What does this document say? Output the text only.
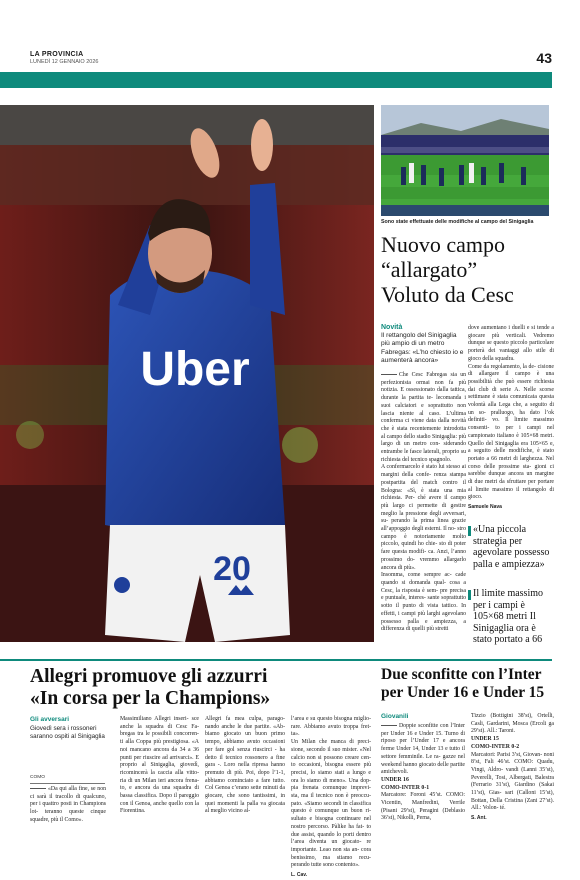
LA PROVINCIA
LUNEDÌ 12 GENNAIO 2026	43
Uber
20
Sono state effettuate delle modifiche al campo del Sinigaglia
Nuovo campo
“allargato”
Voluto da Cesc
Novità
Il rettangolo del Sinigaglia più ampio di un metro Fabregas: «L’ho chiesto io e aumenterà ancora»

Che Cesc Fabregas sia un perfezionista ormai non fa più notizia. E ossessionato dalla tattica, durante la partita te- lecomanda i suoi calciatori e soprattutto non lascia niente al caso. L’ultima conferma ci viene data dalla novità che è stata recentemente introdotta al campo dello stadio Sinigaglia: più largo di un metro con- siderando entrambe le fasce laterali, proprio su richiesta del tecnico spagnolo.

A confermarcelo è stato lui stesso ai margini della confe- renza stampa postpartita del match contro il Bologna: «Sì, è stata una mia richiesta. Per- ché avere il campo più largo ci permette di gestire meglio la pressione degli avversari, su- perando la prima linea grazie all’appoggio degli esterni. Il no- stro campo è notoriamente molto piccolo, quindi ho chie- sto di poter fare questa modifi- ca. Anzi, l’anno prossimo do- vremmo allargarlo ancora di più».

Insomma, come sempre ac- cade quando si domanda qual- cosa a Cesc, la risposta è sem- pre precisa e puntuale, interes- sante soprattutto sotto il punto di vista tattico. In effetti, i campi più larghi agevolano possesso palla e ampiezza, a differenza di quelli più stretti

dove aumentano i duelli e si tende a giocare più verticali. Vedremo dunque se questo piccolo particolare porterà dei vantaggi allo stile di gioco della squadra.

Come da regolamento, la de- cisione di allargare il campo è una possibilità che può essere richiesta dai club di serie A. Nelle scorse settimane è stata comunicata questa volontà alla Lega che, a seguito di un so- pralluogo, ha dato l’ok definiti- vo. Il limite massimo consenti- to per i campi nel campionato italiano è 105×68 metri. Quello del Sinigaglia era 105×65 e, a seguito delle modifiche, è stato portato a 66 metri di larghezza. Nel corso delle prossime sta- gioni ci sarebbe dunque ancora un margine di due metri da sfruttare per portare al limite massimo il rettangolo di gioco.

Samuele Nava
«Una piccola strategia per agevolare possesso palla e ampiezza»
Il limite massimo per i campi è 105×68 metri Il Sinigaglia ora è stato portato a 66
Allegri promuove gli azzurri
«In corsa per la Champions»
Gli avversari
Giovedì sera i rossoneri saranno ospiti al Sinigaglia
COMO

«Da qui alla fine, se non ci sarà il tracollo di qualcuno, per i quattro posti in Champions lot- teranno queste cinque squadre, più il Como».

Massimiliano Allegri inseri- sce anche la squadra di Cesc Fa- bregas tra le possibili concorren- ti alla Coppa più prestigiosa. «A noi mancano ancora da 34 a 36 punti per riuscire ad arrivarci». E proprio al Sinigaglia, giovedì, ricomincerà la caccia alla vitto- ria di un Milan ieri ancora frena- to, e ancora da una squadra di bassa classifica. Dopo il pareggio con il Genoa, anche quello con la Fiorentina.
Allegri fa mea culpa, parago- nando anche le due partite. «Ab- biamo giocato un buon primo tempo, abbiamo avuto occasioni per fare gol senza riuscirci - ha detto il tecnico rossonero a fine gara -. Loro nella ripresa hanno premuto di più. Poi, dopo l’1-1, abbiamo cominciato a fare tutto. Col Genoa c’erano sette minuti da giocare, che sono tantissimi, in quei momenti la palla va giocata al meglio vicino al-

l’area e su questo bisogna miglio- rare. Abbiamo avuto troppa fret- ta».

Un Milan che manca di preci- sione, secondo il suo mister. «Nel calcio non si possono creare cen- to occasioni, bisogna essere più precisi, lo siamo stati a lungo e ora lo siamo di meno». Una dop- pia frenata comunque imprevi- sta, ma il tecnico non è preoccu- pato. «Siamo secondi in classifica questo è comunque un buon ri- sultato e bisogna continuare nel nostro percorso. Pàlike ha fat- to due assist, quando lo porti dentro l’area diventa un giocato- re importante. Leao non sta an- cora benissimo, ma stiamo recu- perando tutte sono contento».

L. Cav.
Due sconfitte con l’Inter
per Under 16 e Under 15
Giovanili

Doppie sconfitte con l’Inter per Under 16 e Under 15. Turno di riposo per l’Under 17 e ancora ferme Under 14, Under 13 e tutto il settore femminile. Le ra- gazze nel weekend hanno giocato delle partite amichevoli.

UNDER 16

COMO-INTER 0-1

Marcatore: Foroni 45’st. COMO: Vicentin, Manfredini, Verrile (Pisani 29’st), Peragini (Deblasio 36’st), Nikolli, Perna,

Tizzio (Bottigini 38’st), Ortelli, Casli, Gardarini, Mosca (Ercoli ga 29’st). All.: Taroni.

UNDER 15

COMO-INTER 0-2

Marcatori: Parisi 3’st, Giovan- noni 8’st, Fali 46’st. COMO: Quadu, Vingi, Aldro- vandi (Lanni 35’st), Peverelli, Tosi, Albergati, Balestra (Ferrario 31’st), Giardino (Sakai 11’st), Gias- sari (Calloni 15’st), Bottan, Della Cristina (Zani 27’st). All.: Volon- té.

S. Ant.
